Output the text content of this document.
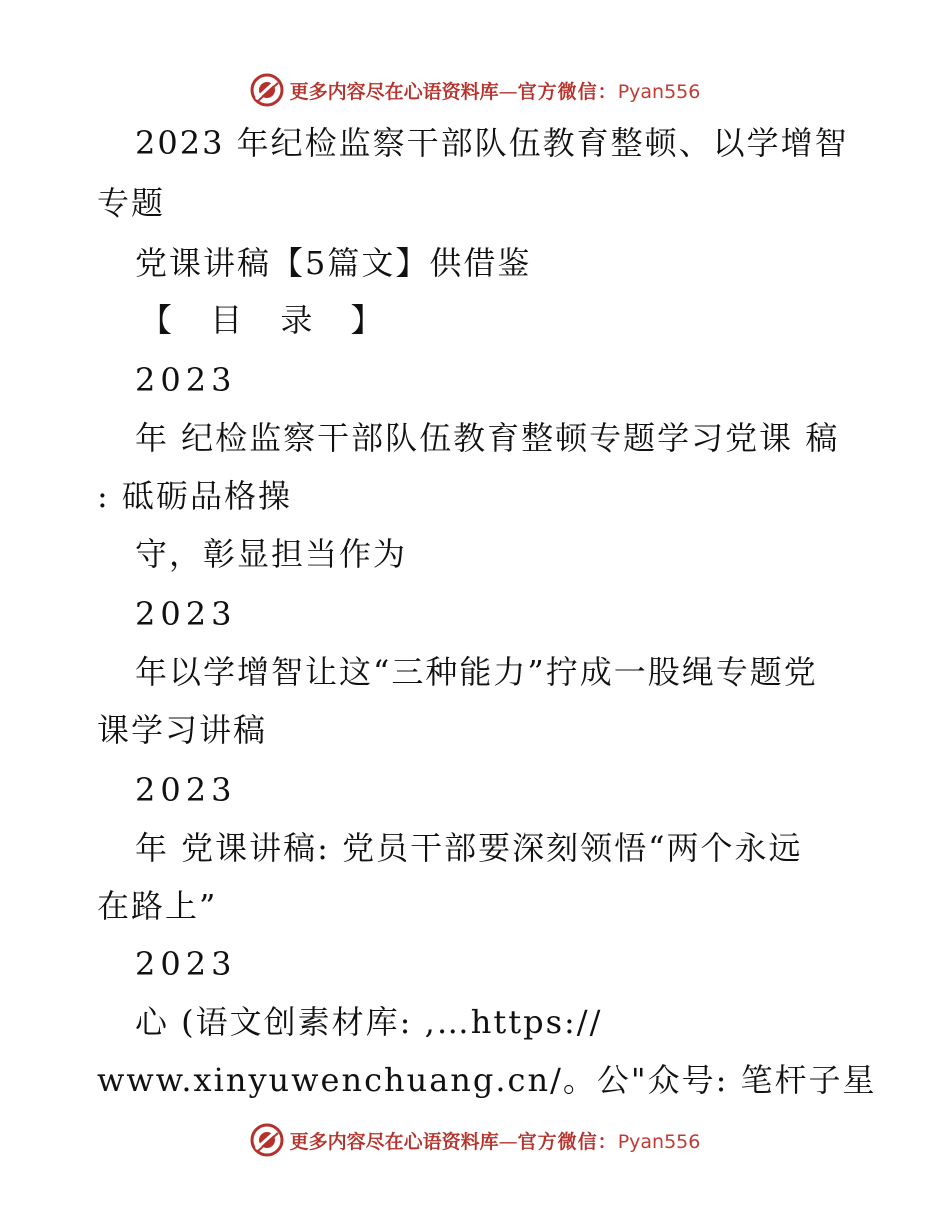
更多内容尽在心语资料库—官方微信：Pyan556
2023 年纪检监察干部队伍教育整顿、以学增智
专题
党课讲稿【5篇文】供借鉴
【 目 录 】
2023
年 纪检监察干部队伍教育整顿专题学习党课 稿
: 砥砺品格操
守，彰显担当作为
2023
年以学增智让这“三种能力”拧成一股绳专题党
课学习讲稿
2023
年 党课讲稿: 党员干部要深刻领悟“两个永远
在路上”
2023
心 (语文创素材库: ,…https://
www.xinyuwenchuang.cn/。公"众号: 笔杆子星
更多内容尽在心语资料库—官方微信：Pyan556
